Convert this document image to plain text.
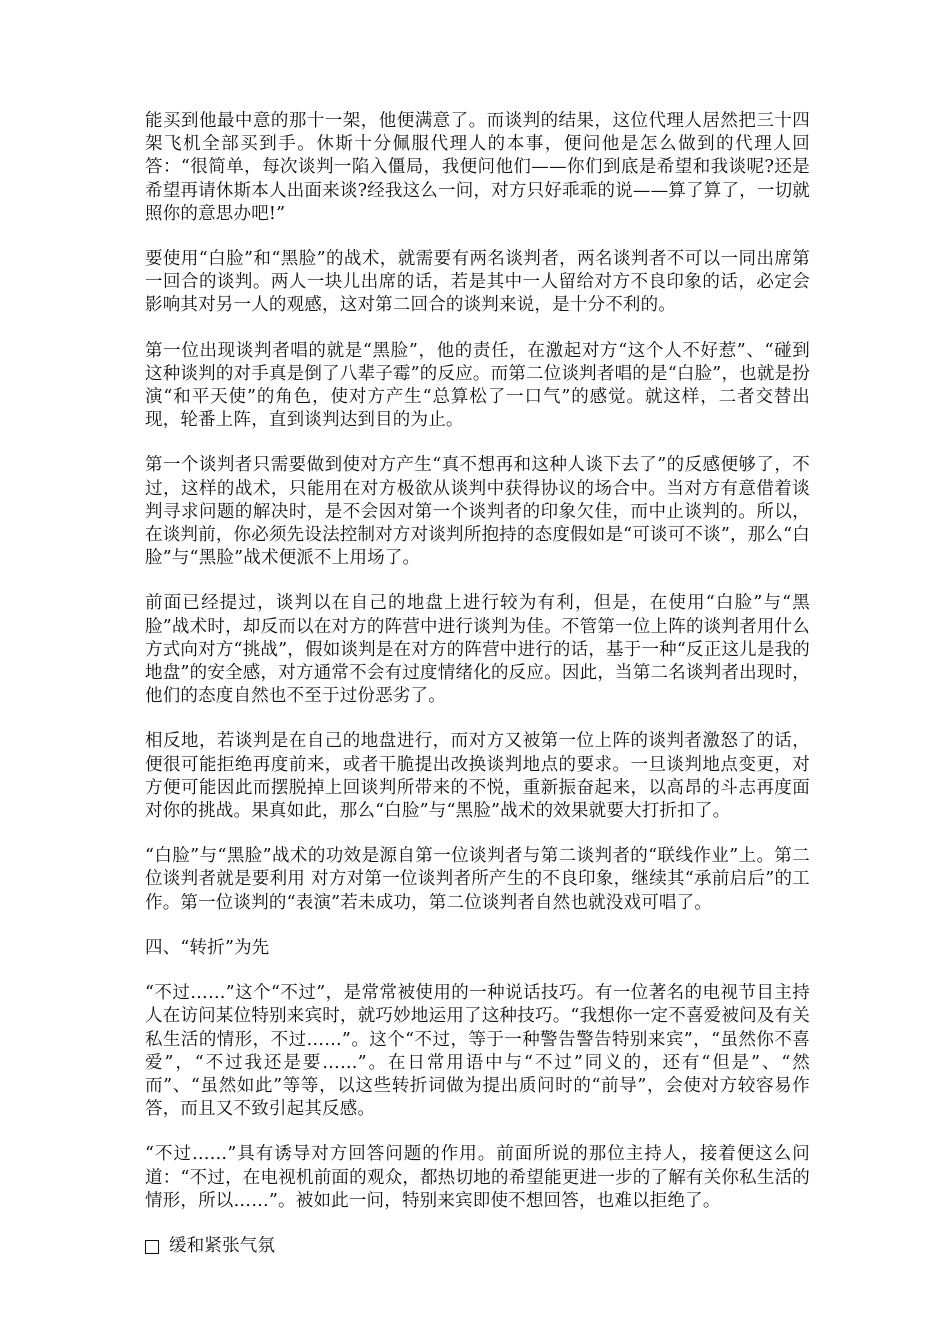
能买到他最中意的那十一架，他便满意了。而谈判的结果，这位代理人居然把三十四架飞机全部买到手。休斯十分佩服代理人的本事，便问他是怎么做到的代理人回答：“很简单，每次谈判一陷入僵局，我便问他们——你们到底是希望和我谈呢?还是希望再请休斯本人出面来谈?经我这么一问，对方只好乖乖的说——算了算了，一切就照你的意思办吧!”

要使用“白脸”和“黑脸”的战术，就需要有两名谈判者，两名谈判者不可以一同出席第一回合的谈判。两人一块儿出席的话，若是其中一人留给对方不良印象的话，必定会影响其对另一人的观感，这对第二回合的谈判来说，是十分不利的。

第一位出现谈判者唱的就是“黑脸”，他的责任，在激起对方“这个人不好惹”、“碰到这种谈判的对手真是倒了八辈子霉”的反应。而第二位谈判者唱的是“白脸”，也就是扮演“和平天使”的角色，使对方产生“总算松了一口气”的感觉。就这样，二者交替出现，轮番上阵，直到谈判达到目的为止。

第一个谈判者只需要做到使对方产生“真不想再和这种人谈下去了”的反感便够了，不过，这样的战术，只能用在对方极欲从谈判中获得协议的场合中。当对方有意借着谈判寻求问题的解决时，是不会因对第一个谈判者的印象欠佳，而中止谈判的。所以，在谈判前，你必须先设法控制对方对谈判所抱持的态度假如是“可谈可不谈”，那么“白脸”与“黑脸”战术便派不上用场了。

前面已经提过，谈判以在自己的地盘上进行较为有利，但是，在使用“白脸”与“黑脸”战术时，却反而以在对方的阵营中进行谈判为佳。不管第一位上阵的谈判者用什么方式向对方“挑战”，假如谈判是在对方的阵营中进行的话，基于一种“反正这儿是我的地盘”的安全感，对方通常不会有过度情绪化的反应。因此，当第二名谈判者出现时，他们的态度自然也不至于过份恶劣了。

相反地，若谈判是在自己的地盘进行，而对方又被第一位上阵的谈判者激怒了的话，便很可能拒绝再度前来，或者干脆提出改换谈判地点的要求。一旦谈判地点变更，对方便可能因此而摆脱掉上回谈判所带来的不悦，重新振奋起来，以高昂的斗志再度面对你的挑战。果真如此，那么“白脸”与“黑脸”战术的效果就要大打折扣了。

“白脸”与“黑脸”战术的功效是源自第一位谈判者与第二谈判者的“联线作业”上。第二位谈判者就是要利用 对方对第一位谈判者所产生的不良印象，继续其“承前启后”的工作。第一位谈判的“表演”若未成功，第二位谈判者自然也就没戏可唱了。

四、“转折”为先

“不过……”这个“不过”，是常常被使用的一种说话技巧。有一位著名的电视节目主持人在访问某位特别来宾时，就巧妙地运用了这种技巧。“我想你一定不喜爱被问及有关私生活的情形，不过……”。这个“不过，等于一种警告警告特别来宾”，“虽然你不喜爱”，“不过我还是要……”。在日常用语中与“不过”同义的，还有“但是”、“然而”、“虽然如此”等等，以这些转折词做为提出质问时的“前导”，会使对方较容易作答，而且又不致引起其反感。

“不过……”具有诱导对方回答问题的作用。前面所说的那位主持人，接着便这么问道：“不过，在电视机前面的观众，都热切地的希望能更进一步的了解有关你私生活的情形，所以……”。被如此一问，特别来宾即使不想回答，也难以拒绝了。

缓和紧张气氛
